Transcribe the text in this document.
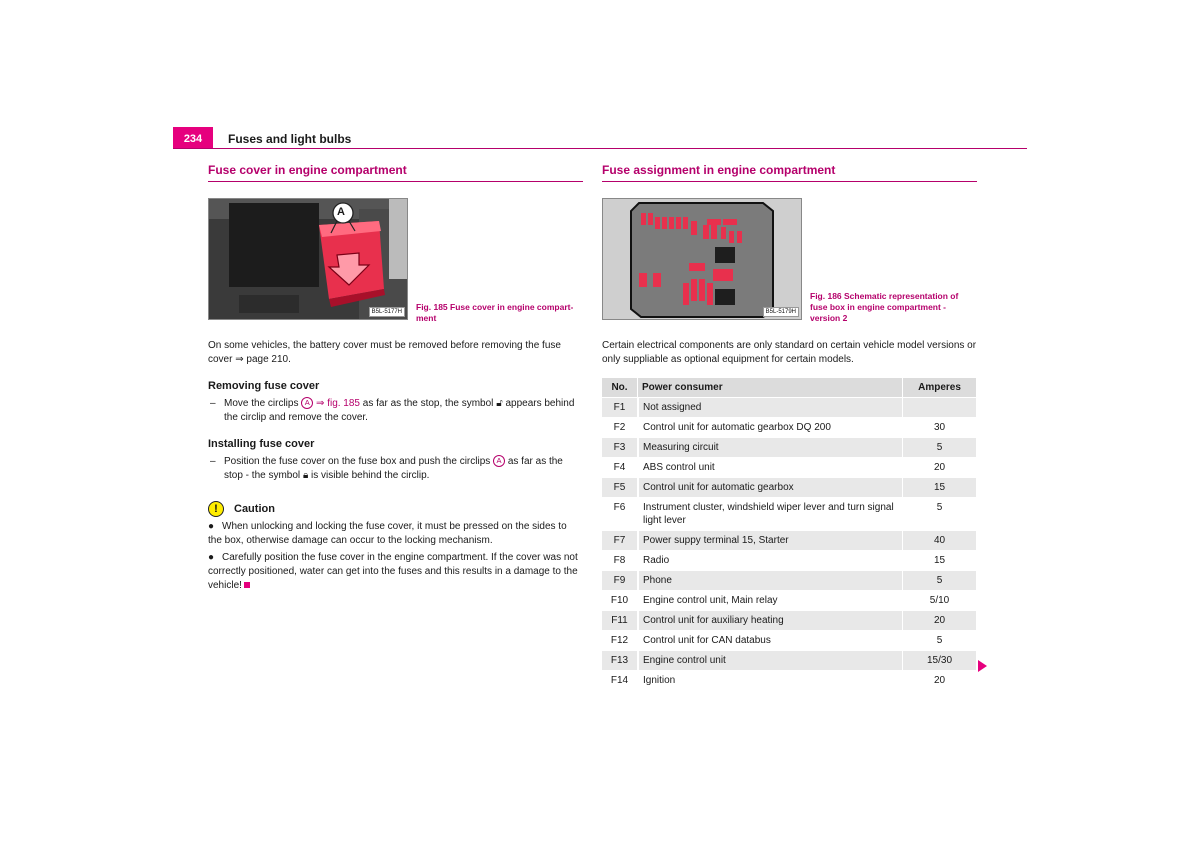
234	Fuses and light bulbs
Fuse cover in engine compartment
A
B5L-5177H	Fig. 185 Fuse cover in engine compart-ment

On some vehicles, the battery cover must be removed before removing the fuse cover ⇒ page 210.

Removing fuse cover
– Move the circlips A ⇒ fig. 185 as far as the stop, the symbol 🔓︎ appears behind the circlip and remove the cover.
Installing fuse cover
– Position the fuse cover on the fuse box and push the circlips A as far as the stop - the symbol 🔒︎ is visible behind the circlip.
!	Caution

● When unlocking and locking the fuse cover, it must be pressed on the sides to the box, otherwise damage can occur to the locking mechanism.

● Carefully position the fuse cover in the engine compartment. If the cover was not correctly positioned, water can get into the fuses and this results in a damage to the vehicle!

Fuse assignment in engine compartment
B5L-5179H
Fig. 186 Schematic representation of fuse box in engine compartment - version 2

Certain electrical components are only standard on certain vehicle model versions or only suppliable as optional equipment for certain models.

No.	Power consumer	Amperes
F1	Not assigned	
F2	Control unit for automatic gearbox DQ 200	30
F3	Measuring circuit	5
F4	ABS control unit	20
F5	Control unit for automatic gearbox	15
F6	Instrument cluster, windshield wiper lever and turn signal light lever	5
F7	Power suppy terminal 15, Starter	40
F8	Radio	15
F9	Phone	5
F10	Engine control unit, Main relay	5/10
F11	Control unit for auxiliary heating	20
F12	Control unit for CAN databus	5
F13	Engine control unit	15/30
F14	Ignition	20
